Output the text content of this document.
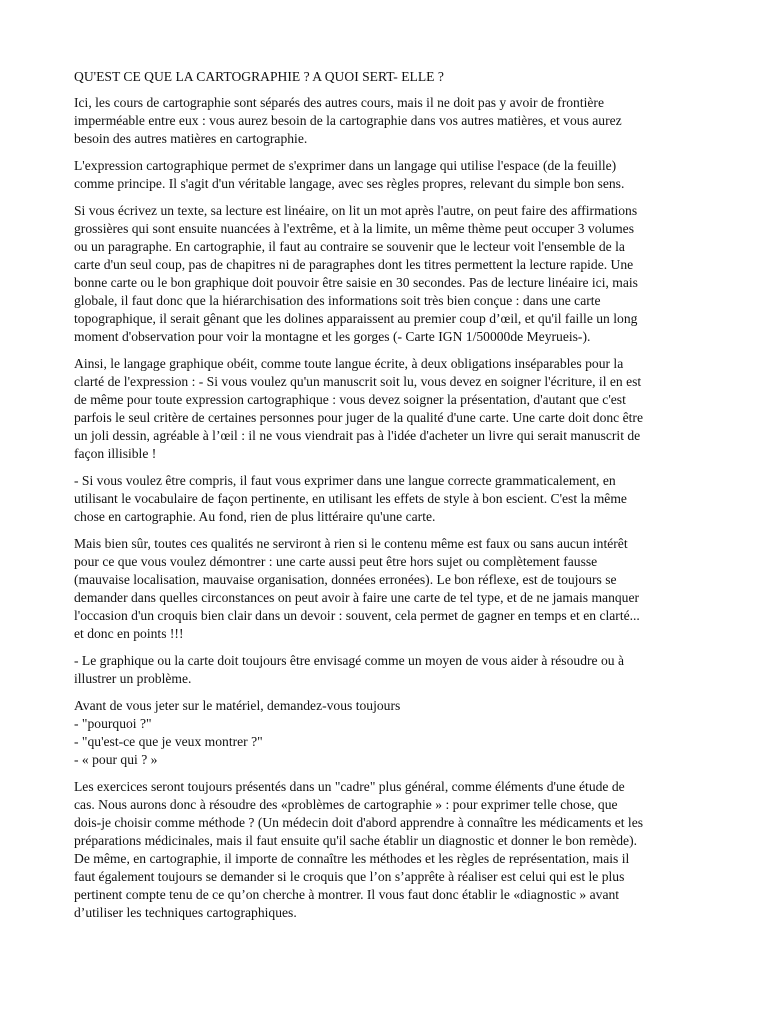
QU'EST CE QUE LA CARTOGRAPHIE ? A QUOI SERT- ELLE ?

Ici, les cours de cartographie sont séparés des autres cours, mais il ne doit pas y avoir de frontière
imperméable entre eux : vous aurez besoin de la cartographie dans vos autres matières, et vous aurez
besoin des autres matières en cartographie.

L'expression cartographique permet de s'exprimer dans un langage qui utilise l'espace (de la feuille)
comme principe. Il s'agit d'un véritable langage, avec ses règles propres, relevant du simple bon sens.

Si vous écrivez un texte, sa lecture est linéaire, on lit un mot après l'autre, on peut faire des affirmations
grossières qui sont ensuite nuancées à l'extrême, et à la limite, un même thème peut occuper 3 volumes
ou un paragraphe. En cartographie, il faut au contraire se souvenir que le lecteur voit l'ensemble de la
carte d'un seul coup, pas de chapitres ni de paragraphes dont les titres permettent la lecture rapide. Une
bonne carte ou le bon graphique doit pouvoir être saisie en 30 secondes. Pas de lecture linéaire ici, mais
globale, il faut donc que la hiérarchisation des informations soit très bien conçue : dans une carte
topographique, il serait gênant que les dolines apparaissent au premier coup d’œil, et qu'il faille un long
moment d'observation pour voir la montagne et les gorges (- Carte IGN 1/50000de Meyrueis-).

Ainsi, le langage graphique obéit, comme toute langue écrite, à deux obligations inséparables pour la
clarté de l'expression : - Si vous voulez qu'un manuscrit soit lu, vous devez en soigner l'écriture, il en est
de même pour toute expression cartographique : vous devez soigner la présentation, d'autant que c'est
parfois le seul critère de certaines personnes pour juger de la qualité d'une carte. Une carte doit donc être
un joli dessin, agréable à l’œil : il ne vous viendrait pas à l'idée d'acheter un livre qui serait manuscrit de
façon illisible !

- Si vous voulez être compris, il faut vous exprimer dans une langue correcte grammaticalement, en
utilisant le vocabulaire de façon pertinente, en utilisant les effets de style à bon escient. C'est la même
chose en cartographie. Au fond, rien de plus littéraire qu'une carte.

Mais bien sûr, toutes ces qualités ne serviront à rien si le contenu même est faux ou sans aucun intérêt
pour ce que vous voulez démontrer : une carte aussi peut être hors sujet ou complètement fausse
(mauvaise localisation, mauvaise organisation, données erronées). Le bon réflexe, est de toujours se
demander dans quelles circonstances on peut avoir à faire une carte de tel type, et de ne jamais manquer
l'occasion d'un croquis bien clair dans un devoir : souvent, cela permet de gagner en temps et en clarté...
et donc en points !!!

- Le graphique ou la carte doit toujours être envisagé comme un moyen de vous aider à résoudre ou à
illustrer un problème.

Avant de vous jeter sur le matériel, demandez-vous toujours
- "pourquoi ?"
- "qu'est-ce que je veux montrer ?"
- « pour qui ? »

Les exercices seront toujours présentés dans un "cadre" plus général, comme éléments d'une étude de
cas. Nous aurons donc à résoudre des «problèmes de cartographie » : pour exprimer telle chose, que
dois-je choisir comme méthode ? (Un médecin doit d'abord apprendre à connaître les médicaments et les
préparations médicinales, mais il faut ensuite qu'il sache établir un diagnostic et donner le bon remède).
De même, en cartographie, il importe de connaître les méthodes et les règles de représentation, mais il
faut également toujours se demander si le croquis que l’on s’apprête à réaliser est celui qui est le plus
pertinent compte tenu de ce qu’on cherche à montrer. Il vous faut donc établir le «diagnostic » avant
d’utiliser les techniques cartographiques.
